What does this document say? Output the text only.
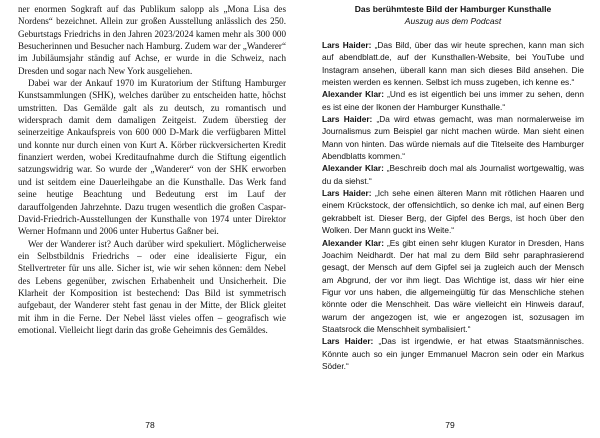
ner enormen Sogkraft auf das Publikum salopp als „Mona Lisa des Nordens“ bezeichnet. Allein zur großen Ausstellung anlässlich des 250. Geburtstags Friedrichs in den Jahren 2023/2024 kamen mehr als 300 000 Besucherinnen und Besucher nach Hamburg. Zudem war der „Wanderer“ im Jubiläumsjahr ständig auf Achse, er wurde in die Schweiz, nach Dresden und sogar nach New York ausgeliehen.

Dabei war der Ankauf 1970 im Kuratorium der Stiftung Hamburger Kunstsammlungen (SHK), welches darüber zu entscheiden hatte, höchst umstritten. Das Gemälde galt als zu deutsch, zu romantisch und widersprach damit dem damaligen Zeitgeist. Zudem überstieg der seinerzeitige Ankaufspreis von 600 000 D-Mark die verfügbaren Mittel und konnte nur durch einen von Kurt A. Körber rückversicherten Kredit finanziert werden, wobei Kreditaufnahme durch die Stiftung eigentlich satzungswidrig war. So wurde der „Wanderer“ von der SHK erworben und ist seitdem eine Dauerleihgabe an die Kunsthalle. Das Werk fand seine heutige Beachtung und Bedeutung erst im Lauf der darauffolgenden Jahrzehnte. Dazu trugen wesentlich die großen Caspar-David-Friedrich-Ausstellungen der Kunsthalle von 1974 unter Direktor Werner Hofmann und 2006 unter Hubertus Gaßner bei.

Wer der Wanderer ist? Auch darüber wird spekuliert. Möglicherweise ein Selbstbildnis Friedrichs – oder eine idealisierte Figur, ein Stellvertreter für uns alle. Sicher ist, wie wir sehen können: dem Nebel des Lebens gegenüber, zwischen Erhabenheit und Unsicherheit. Die Klarheit der Komposition ist bestechend: Das Bild ist symmetrisch aufgebaut, der Wanderer steht fast genau in der Mitte, der Blick gleitet mit ihm in die Ferne. Der Nebel lässt vieles offen – geografisch wie emotional. Vielleicht liegt darin das große Geheimnis des Gemäldes.

78
Das berühmteste Bild der Hamburger Kunsthalle
Auszug aus dem Podcast

Lars Haider: „Das Bild, über das wir heute sprechen, kann man sich auf abendblatt.de, auf der Kunsthallen-Website, bei YouTube und Instagram ansehen, überall kann man sich dieses Bild ansehen. Die meisten werden es kennen. Selbst ich muss zugeben, ich kenne es.“

Alexander Klar: „Und es ist eigentlich bei uns immer zu sehen, denn es ist eine der Ikonen der Hamburger Kunsthalle.“

Lars Haider: „Da wird etwas gemacht, was man normalerweise im Journalismus zum Beispiel gar nicht machen würde. Man sieht einen Mann von hinten. Das würde niemals auf die Titelseite des Hamburger Abendblatts kommen.“

Alexander Klar: „Beschreib doch mal als Journalist wortgewaltig, was du da siehst.“

Lars Haider: „Ich sehe einen älteren Mann mit rötlichen Haaren und einem Krückstock, der offensichtlich, so denke ich mal, auf einen Berg gekrabbelt ist. Dieser Berg, der Gipfel des Bergs, ist hoch über den Wolken. Der Mann guckt ins Weite.“

Alexander Klar: „Es gibt einen sehr klugen Kurator in Dresden, Hans Joachim Neidhardt. Der hat mal zu dem Bild sehr paraphrasierend gesagt, der Mensch auf dem Gipfel sei ja zugleich auch der Mensch am Abgrund, der vor ihm liegt. Das Wichtige ist, dass wir hier eine Figur vor uns haben, die allgemeingültig für das Menschliche stehen könnte oder die Menschheit. Das wäre vielleicht ein Hinweis darauf, warum der angezogen ist, wie er angezogen ist, sozusagen im Staatsrock die Menschheit symbalisiert.“

Lars Haider: „Das ist irgendwie, er hat etwas Staatsmännisches. Könnte auch so ein junger Emmanuel Macron sein oder ein Markus Söder.“

79
